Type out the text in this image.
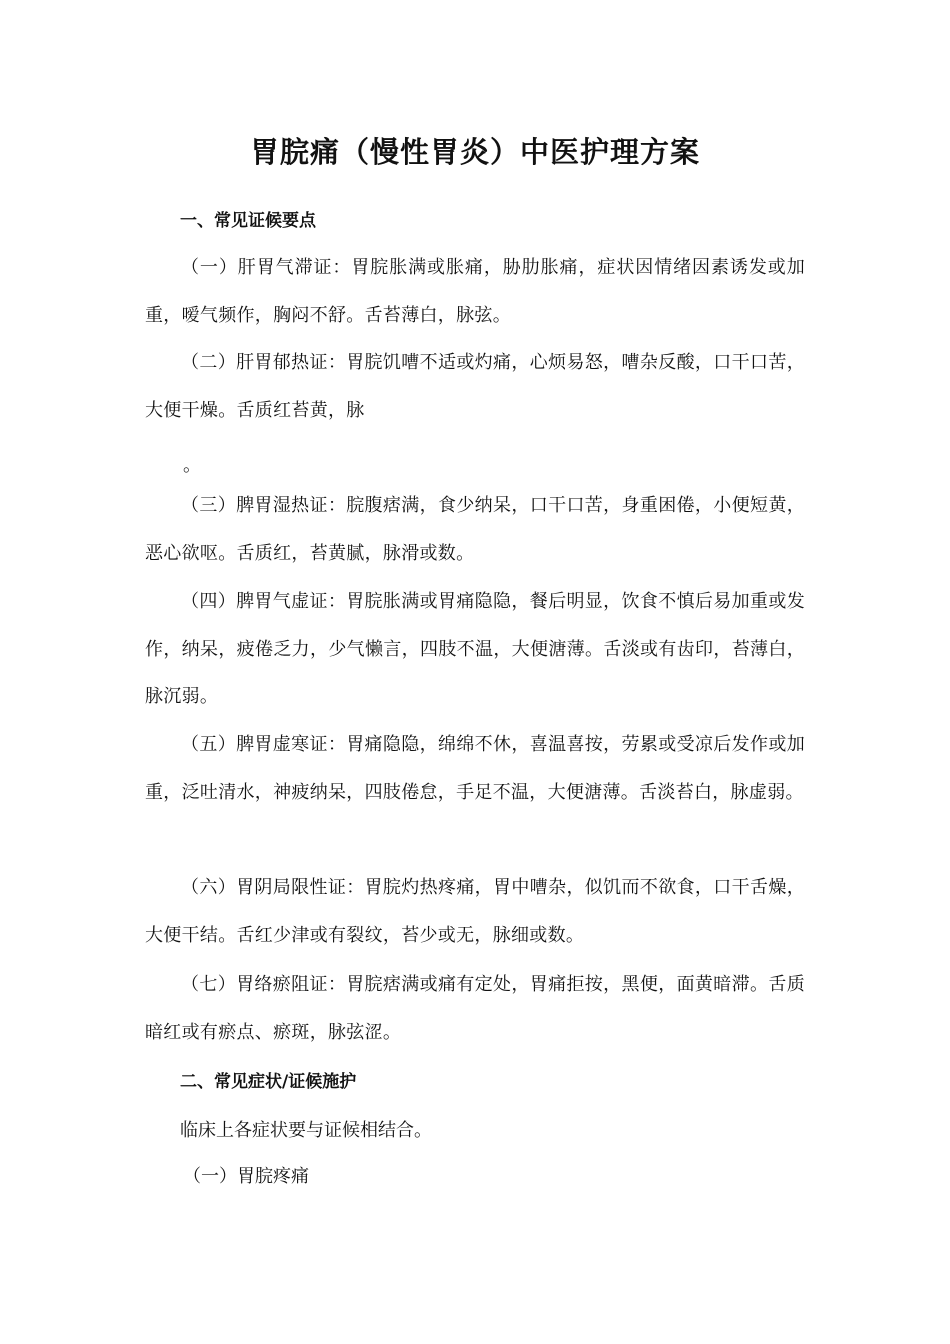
胃脘痛（慢性胃炎）中医护理方案
一、常见证候要点

（一）肝胃气滞证：胃脘胀满或胀痛，胁肋胀痛，症状因情绪因素诱发或加重，嗳气频作，胸闷不舒。舌苔薄白，脉弦。

（二）肝胃郁热证：胃脘饥嘈不适或灼痛，心烦易怒，嘈杂反酸，口干口苦，大便干燥。舌质红苔黄，脉

。

（三）脾胃湿热证：脘腹痞满，食少纳呆，口干口苦，身重困倦，小便短黄，恶心欲呕。舌质红，苔黄腻，脉滑或数。

（四）脾胃气虚证：胃脘胀满或胃痛隐隐，餐后明显，饮食不慎后易加重或发作，纳呆，疲倦乏力，少气懒言，四肢不温，大便溏薄。舌淡或有齿印，苔薄白，脉沉弱。

（五）脾胃虚寒证：胃痛隐隐，绵绵不休，喜温喜按，劳累或受凉后发作或加重，泛吐清水，神疲纳呆，四肢倦怠，手足不温，大便溏薄。舌淡苔白，脉虚弱。

（六）胃阴局限性证：胃脘灼热疼痛，胃中嘈杂，似饥而不欲食，口干舌燥，大便干结。舌红少津或有裂纹，苔少或无，脉细或数。

（七）胃络瘀阻证：胃脘痞满或痛有定处，胃痛拒按，黑便，面黄暗滞。舌质暗红或有瘀点、瘀斑，脉弦涩。

二、常见症状/证候施护

临床上各症状要与证候相结合。

（一）胃脘疼痛
